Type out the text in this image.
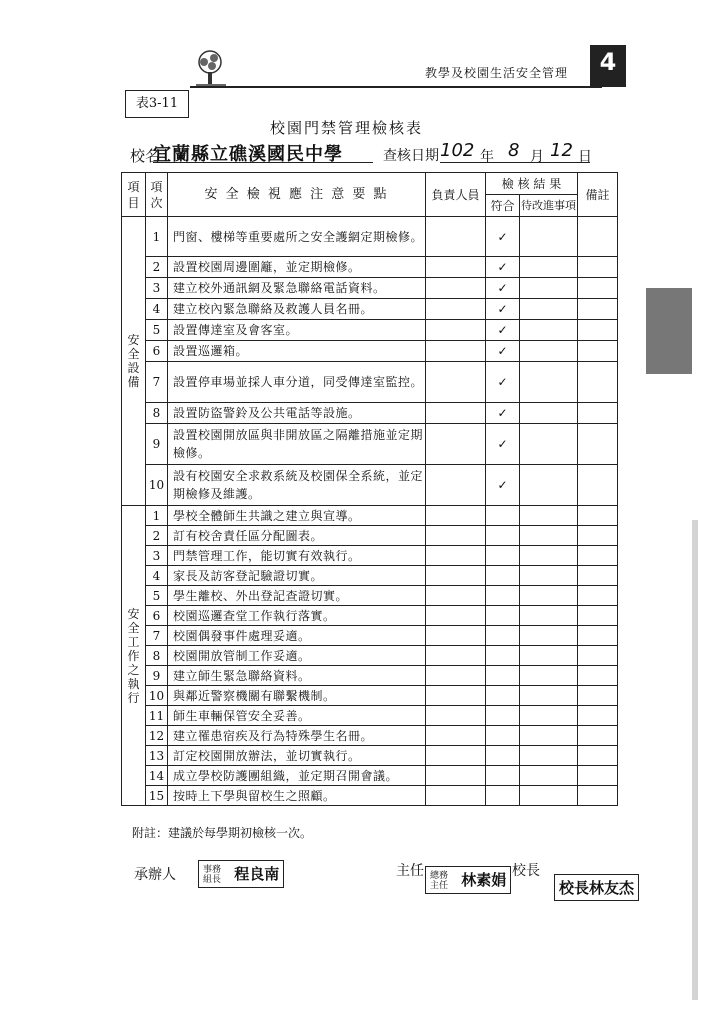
教學及校園生活安全管理	4
表3-11
校園門禁管理檢核表
校名
宜蘭縣立礁溪國民中學	查核日期 102 年 8 月 12 日
項目	項次	安 全 檢 視 應 注 意 要 點	負責人員	檢 核 結 果		備註
				符合	待改進事項	
安全設備	1	門窗、樓梯等重要處所之安全護網定期檢修。		✓		
	2	設置校園周邊圍籬，並定期檢修。		✓		
	3	建立校外通訊網及緊急聯絡電話資料。		✓		
	4	建立校內緊急聯絡及救護人員名冊。		✓		
	5	設置傳達室及會客室。		✓		
	6	設置巡邏箱。		✓		
	7	設置停車場並採人車分道，同受傳達室監控。		✓		
	8	設置防盜警鈴及公共電話等設施。		✓		
	9	設置校園開放區與非開放區之隔離措施並定期檢修。		✓		
	10	設有校園安全求救系統及校園保全系統，並定期檢修及維護。		✓		
安全工作之執行	1	學校全體師生共識之建立與宣導。				
	2	訂有校舍責任區分配圖表。				
	3	門禁管理工作，能切實有效執行。				
	4	家長及訪客登記驗證切實。				
	5	學生離校、外出登記查證切實。				
	6	校園巡邏查堂工作執行落實。				
	7	校園偶發事件處理妥適。				
	8	校園開放管制工作妥適。				
	9	建立師生緊急聯絡資料。				
	10	與鄰近警察機關有聯繫機制。				
	11	師生車輛保管安全妥善。				
	12	建立罹患宿疾及行為特殊學生名冊。				
	13	訂定校園開放辦法，並切實執行。				
	14	成立學校防護團組織，並定期召開會議。				
	15	按時上下學與留校生之照顧。				
附註：建議於每學期初檢核一次。
承辦人	事務組長 程良南	主任 總務主任 林素娟 校長
校長林友杰
